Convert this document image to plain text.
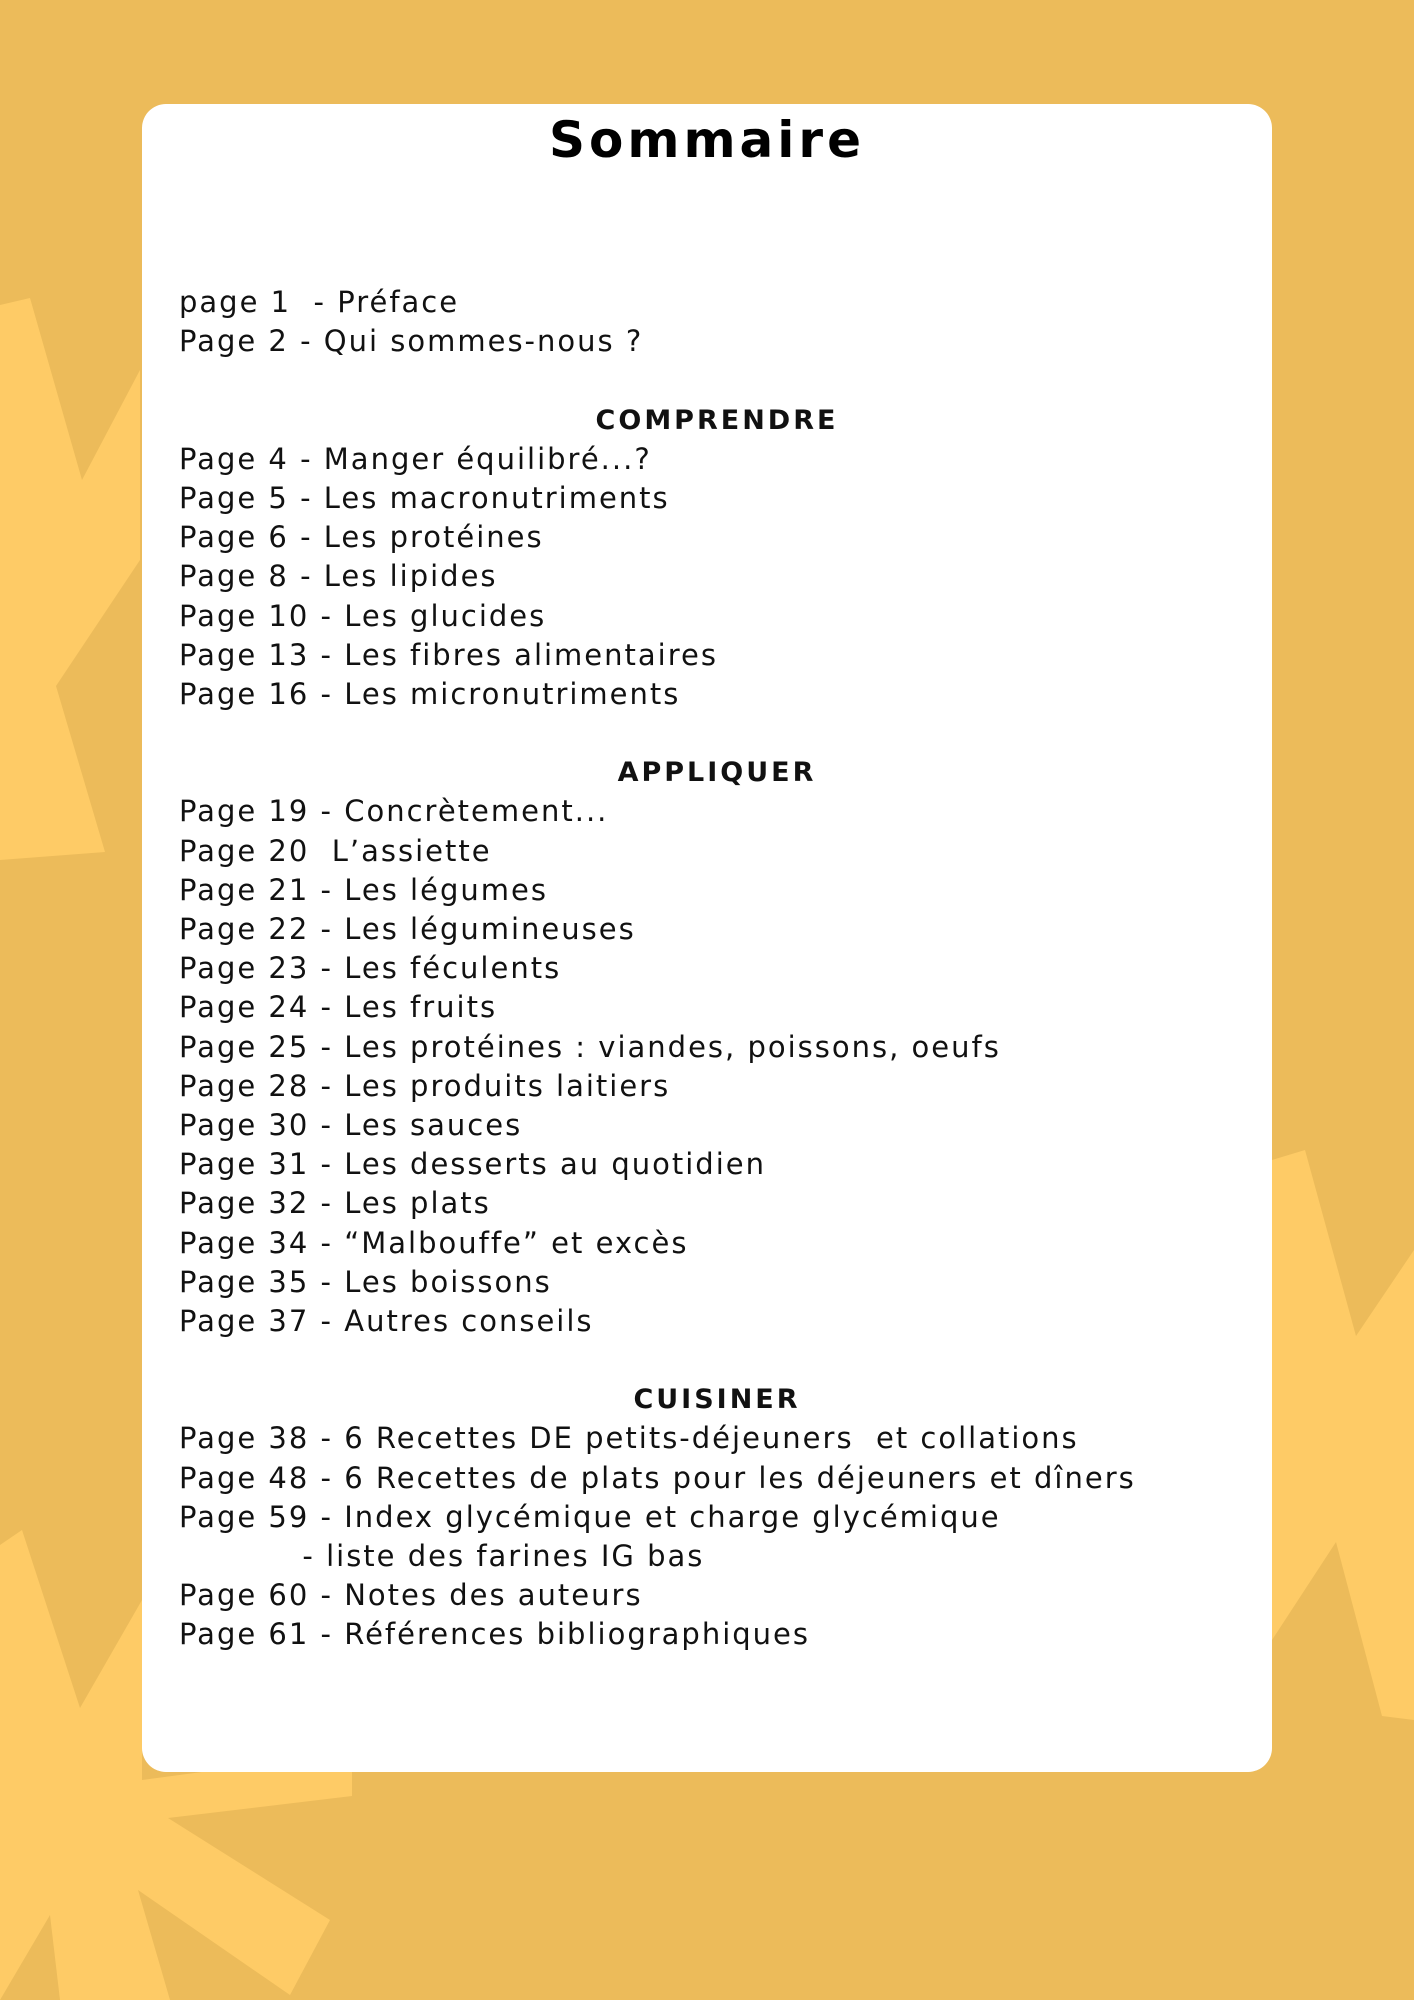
Sommaire
page 1  - Préface
Page 2 - Qui sommes-nous ?
COMPRENDRE
Page 4 - Manger équilibré...?
Page 5 - Les macronutriments
Page 6 - Les protéines
Page 8 - Les lipides
Page 10 - Les glucides
Page 13 - Les fibres alimentaires
Page 16 - Les micronutriments
APPLIQUER
Page 19 - Concrètement...
Page 20  L’assiette
Page 21 - Les légumes
Page 22 - Les légumineuses
Page 23 - Les féculents
Page 24 - Les fruits
Page 25 - Les protéines : viandes, poissons, oeufs
Page 28 - Les produits laitiers
Page 30 - Les sauces
Page 31 - Les desserts au quotidien
Page 32 - Les plats
Page 34 - “Malbouffe” et excès
Page 35 - Les boissons
Page 37 - Autres conseils
CUISINER
Page 38 - 6 Recettes DE petits-déjeuners  et collations
Page 48 - 6 Recettes de plats pour les déjeuners et dîners
Page 59 - Index glycémique et charge glycémique
- liste des farines IG bas
Page 60 - Notes des auteurs
Page 61 - Références bibliographiques
